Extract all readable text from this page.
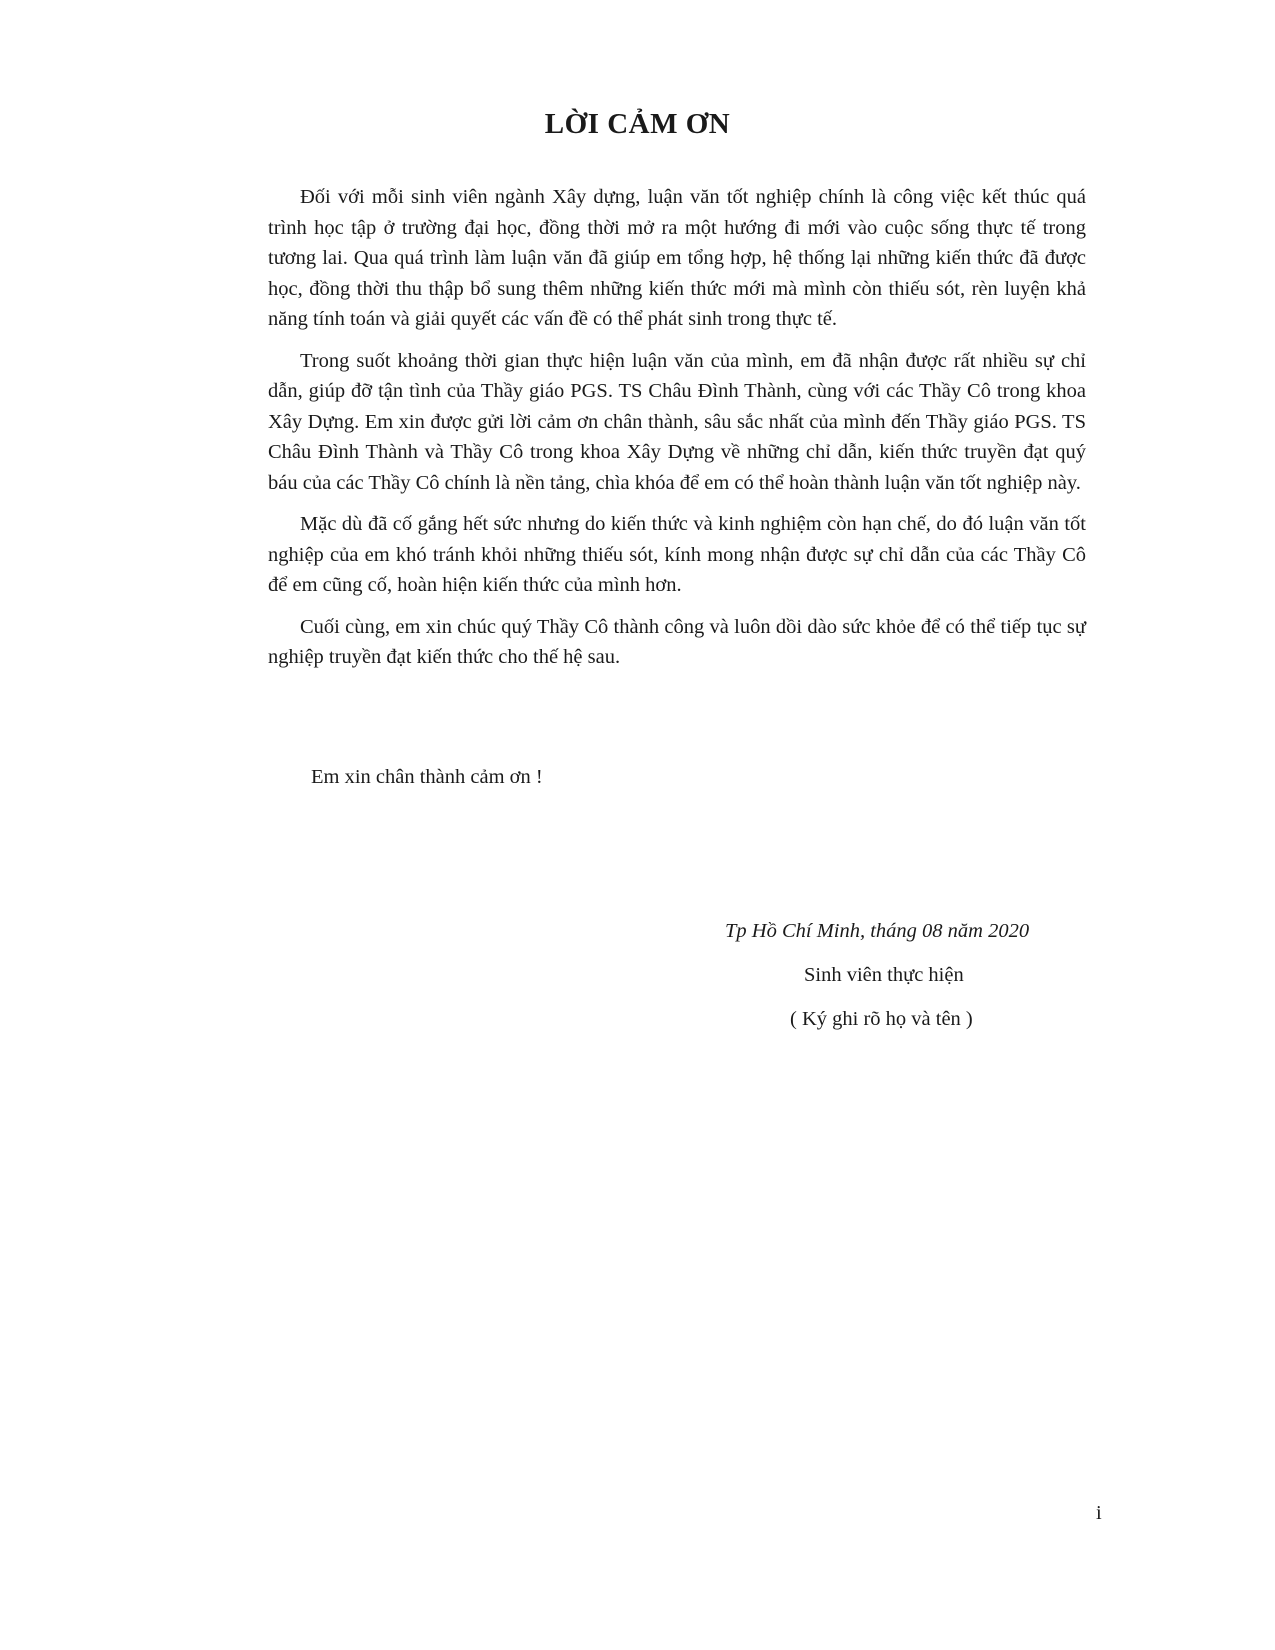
LỜI CẢM ƠN

Đối với mỗi sinh viên ngành Xây dựng, luận văn tốt nghiệp chính là công việc kết thúc quá trình học tập ở trường đại học, đồng thời mở ra một hướng đi mới vào cuộc sống thực tế trong tương lai. Qua quá trình làm luận văn đã giúp em tổng hợp, hệ thống lại những kiến thức đã được học, đồng thời thu thập bổ sung thêm những kiến thức mới mà mình còn thiếu sót, rèn luyện khả năng tính toán và giải quyết các vấn đề có thể phát sinh trong thực tế.

Trong suốt khoảng thời gian thực hiện luận văn của mình, em đã nhận được rất nhiều sự chỉ dẫn, giúp đỡ tận tình của Thầy giáo PGS. TS Châu Đình Thành, cùng với các Thầy Cô trong khoa Xây Dựng. Em xin được gửi lời cảm ơn chân thành, sâu sắc nhất của mình đến Thầy giáo PGS. TS Châu Đình Thành và Thầy Cô trong khoa Xây Dựng về những chỉ dẫn, kiến thức truyền đạt quý báu của các Thầy Cô chính là nền tảng, chìa khóa để em có thể hoàn thành luận văn tốt nghiệp này.

Mặc dù đã cố gắng hết sức nhưng do kiến thức và kinh nghiệm còn hạn chế, do đó luận văn tốt nghiệp của em khó tránh khỏi những thiếu sót, kính mong nhận được sự chỉ dẫn của các Thầy Cô để em cũng cố, hoàn hiện kiến thức của mình hơn.

Cuối cùng, em xin chúc quý Thầy Cô thành công và luôn dồi dào sức khỏe để có thể tiếp tục sự nghiệp truyền đạt kiến thức cho thế hệ sau.

Em xin chân thành cảm ơn !

Tp Hồ Chí Minh, tháng 08 năm 2020

Sinh viên thực hiện

( Ký ghi rõ họ và tên )

i
